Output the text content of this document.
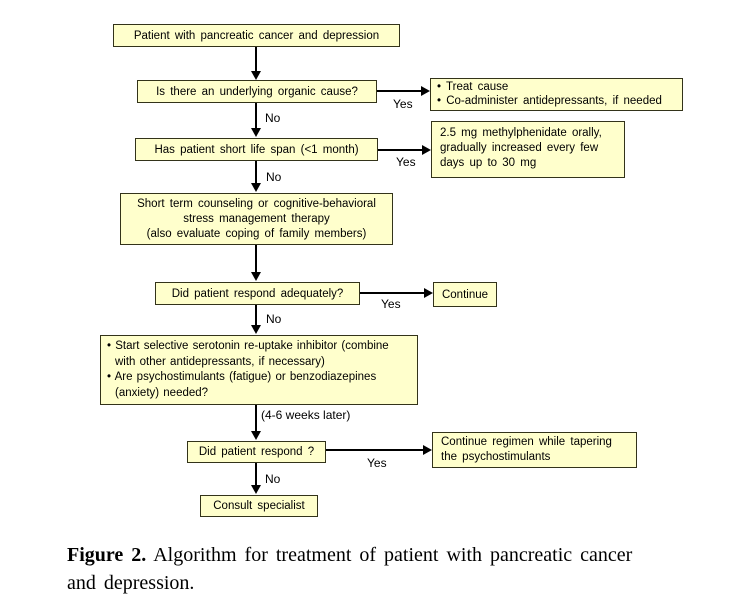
Patient with pancreatic cancer and depression
Is there an underlying organic cause?
Has patient short life span (<1 month)
Short term counseling or cognitive-behavioral
stress management therapy
(also evaluate coping of family members)
Did patient respond adequately?
• Start selective serotonin re-uptake inhibitor (combine
with other antidepressants, if necessary)
• Are psychostimulants (fatigue) or benzodiazepines
(anxiety) needed?
Did patient respond ?
Consult specialist
• Treat cause
• Co-administer antidepressants, if needed
2.5 mg methylphenidate orally,
gradually increased every few
days up to 30 mg
Continue
Continue regimen while tapering
the psychostimulants
Yes
Yes
Yes
Yes
No
No
No
No
(4-6 weeks later)
Figure 2. Algorithm for treatment of patient with pancreatic cancer
and depression.
